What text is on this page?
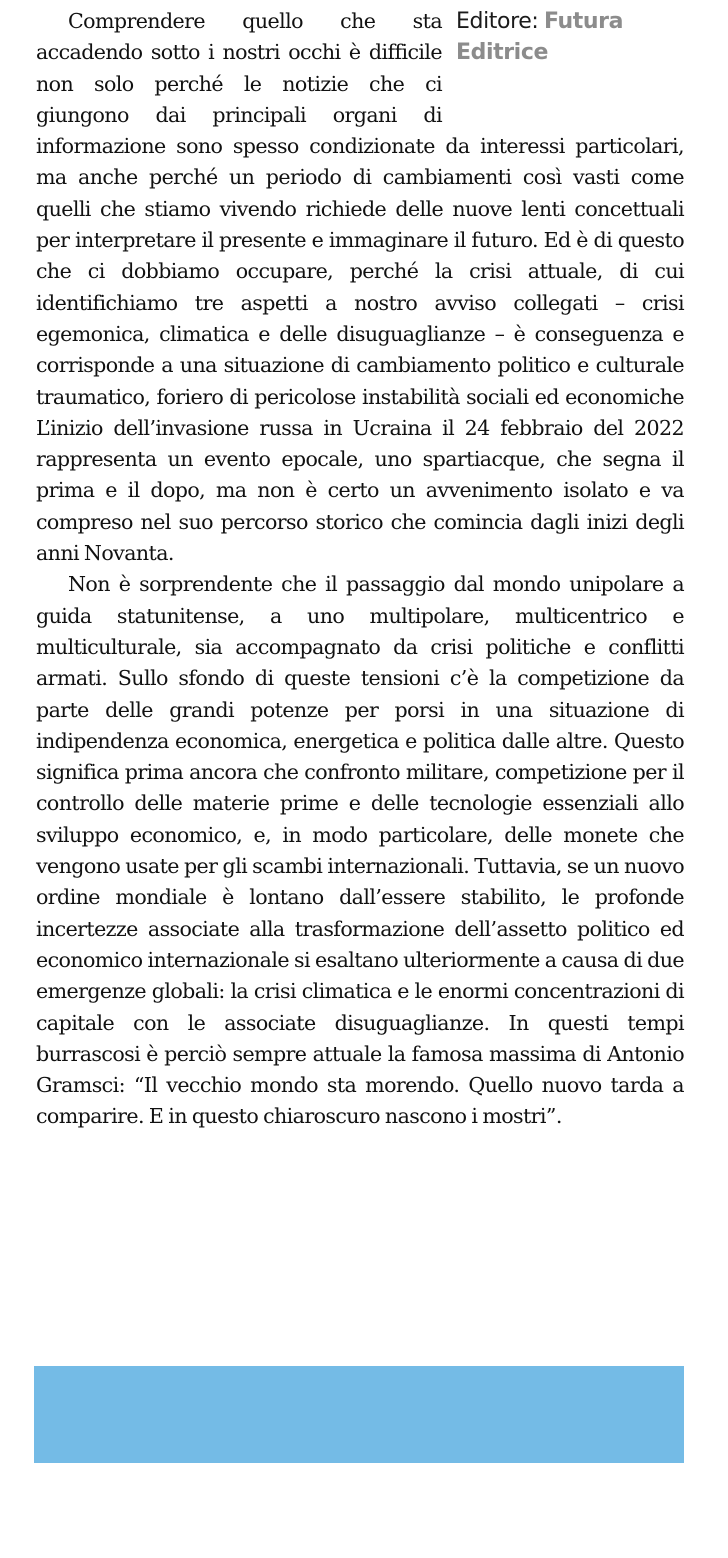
Editore: Futura Editrice

Comprendere quello che sta accadendo sotto i nostri occhi è difficile non solo perché le notizie che ci giungono dai principali organi di informazione sono spesso condizionate da interessi particolari, ma anche perché un periodo di cambiamenti così vasti come quelli che stiamo vivendo richiede delle nuove lenti concettuali per interpretare il presente e immaginare il futuro. Ed è di questo che ci dobbiamo occupare, perché la crisi attuale, di cui identifichiamo tre aspetti a nostro avviso collegati – crisi egemonica, climatica e delle disuguaglianze – è conseguenza e corrisponde a una situazione di cambiamento politico e culturale traumatico, foriero di pericolose instabilità sociali ed economiche L’inizio dell’invasione russa in Ucraina il 24 febbraio del 2022 rappresenta un evento epocale, uno spartiacque, che segna il prima e il dopo, ma non è certo un avvenimento isolato e va compreso nel suo percorso storico che comincia dagli inizi degli anni Novanta.

Non è sorprendente che il passaggio dal mondo unipolare a guida statunitense, a uno multipolare, multicentrico e multiculturale, sia accompagnato da crisi politiche e conflitti armati. Sullo sfondo di queste tensioni c’è la competizione da parte delle grandi potenze per porsi in una situazione di indipendenza economica, energetica e politica dalle altre. Questo significa prima ancora che confronto militare, competizione per il controllo delle materie prime e delle tecnologie essenziali allo sviluppo economico, e, in modo particolare, delle monete che vengono usate per gli scambi internazionali. Tuttavia, se un nuovo ordine mondiale è lontano dall’essere stabilito, le profonde incertezze associate alla trasformazione dell’assetto politico ed economico internazionale si esaltano ulteriormente a causa di due emergenze globali: la crisi climatica e le enormi concentrazioni di capitale con le associate disuguaglianze. In questi tempi burrascosi è perciò sempre attuale la famosa massima di Antonio Gramsci: “Il vecchio mondo sta morendo. Quello nuovo tarda a comparire. E in questo chiaroscuro nascono i mostri”.
